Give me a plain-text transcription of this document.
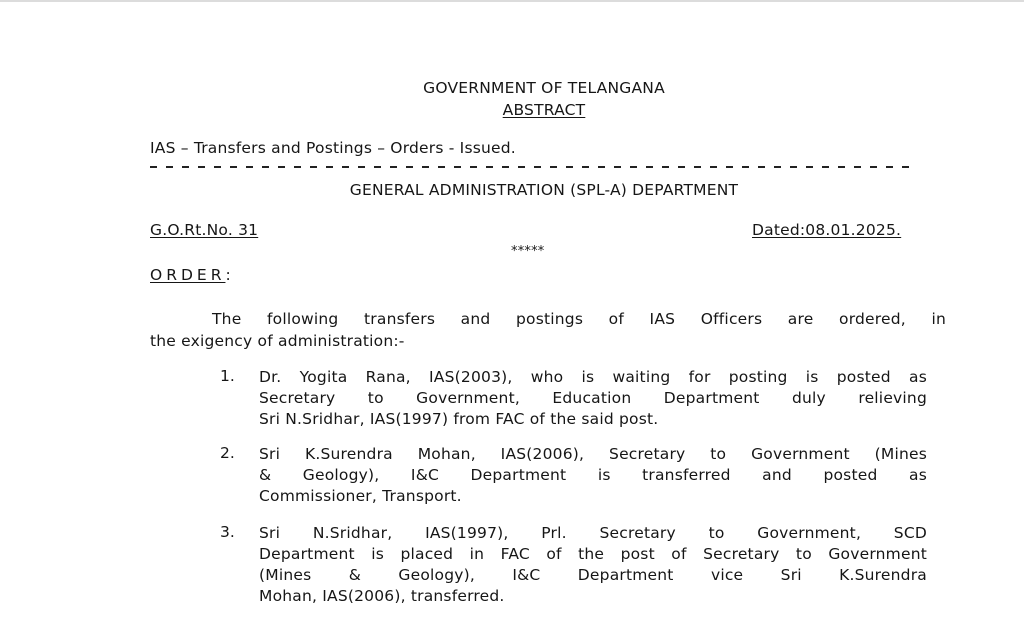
GOVERNMENT OF TELANGANA
ABSTRACT
IAS – Transfers and Postings – Orders - Issued.
GENERAL ADMINISTRATION (SPL-A) DEPARTMENT
G.O.Rt.No. 31	Dated:08.01.2025.
*****
ORDER:
The following transfers and postings of IAS Officers are ordered, in
the exigency of administration:-
1. Dr. Yogita Rana, IAS(2003), who is waiting for posting is posted as
Secretary to Government, Education Department duly relieving
Sri N.Sridhar, IAS(1997) from FAC of the said post.
2. Sri K.Surendra Mohan, IAS(2006), Secretary to Government (Mines
& Geology), I&C Department is transferred and posted as
Commissioner, Transport.
3. Sri N.Sridhar, IAS(1997), Prl. Secretary to Government, SCD
Department is placed in FAC of the post of Secretary to Government
(Mines & Geology), I&C Department vice Sri K.Surendra
Mohan, IAS(2006), transferred.
